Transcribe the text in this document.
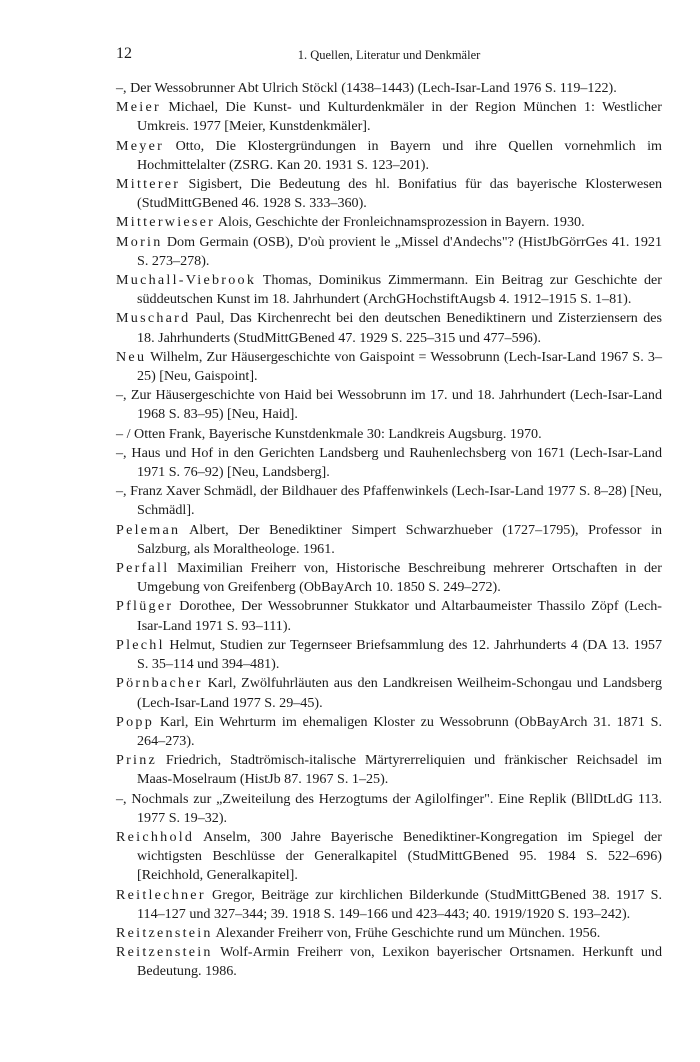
12	1. Quellen, Literatur und Denkmäler

–, Der Wessobrunner Abt Ulrich Stöckl (1438–1443) (Lech-Isar-Land 1976 S. 119–122).

Meier Michael, Die Kunst- und Kulturdenkmäler in der Region München 1: Westlicher Umkreis. 1977 [Meier, Kunstdenkmäler].

Meyer Otto, Die Klostergründungen in Bayern und ihre Quellen vornehmlich im Hochmittelalter (ZSRG. Kan 20. 1931 S. 123–201).

Mitterer Sigisbert, Die Bedeutung des hl. Bonifatius für das bayerische Klosterwesen (StudMittGBened 46. 1928 S. 333–360).

Mitterwieser Alois, Geschichte der Fronleichnamsprozession in Bayern. 1930.

Morin Dom Germain (OSB), D'où provient le „Missel d'Andechs"? (HistJbGörrGes 41. 1921 S. 273–278).

Muchall-Viebrook Thomas, Dominikus Zimmermann. Ein Beitrag zur Geschichte der süddeutschen Kunst im 18. Jahrhundert (ArchGHochstiftAugsb 4. 1912–1915 S. 1–81).

Muschard Paul, Das Kirchenrecht bei den deutschen Benediktinern und Zisterziensern des 18. Jahrhunderts (StudMittGBened 47. 1929 S. 225–315 und 477–596).

Neu Wilhelm, Zur Häusergeschichte von Gaispoint = Wessobrunn (Lech-Isar-Land 1967 S. 3–25) [Neu, Gaispoint].

–, Zur Häusergeschichte von Haid bei Wessobrunn im 17. und 18. Jahrhundert (Lech-Isar-Land 1968 S. 83–95) [Neu, Haid].

– / Otten Frank, Bayerische Kunstdenkmale 30: Landkreis Augsburg. 1970.

–, Haus und Hof in den Gerichten Landsberg und Rauhenlechsberg von 1671 (Lech-Isar-Land 1971 S. 76–92) [Neu, Landsberg].

–, Franz Xaver Schmädl, der Bildhauer des Pfaffenwinkels (Lech-Isar-Land 1977 S. 8–28) [Neu, Schmädl].

Peleman Albert, Der Benediktiner Simpert Schwarzhueber (1727–1795), Professor in Salzburg, als Moraltheologe. 1961.

Perfall Maximilian Freiherr von, Historische Beschreibung mehrerer Ortschaften in der Umgebung von Greifenberg (ObBayArch 10. 1850 S. 249–272).

Pflüger Dorothee, Der Wessobrunner Stukkator und Altarbaumeister Thassilo Zöpf (Lech-Isar-Land 1971 S. 93–111).

Plechl Helmut, Studien zur Tegernseer Briefsammlung des 12. Jahrhunderts 4 (DA 13. 1957 S. 35–114 und 394–481).

Pörnbacher Karl, Zwölfuhrläuten aus den Landkreisen Weilheim-Schongau und Landsberg (Lech-Isar-Land 1977 S. 29–45).

Popp Karl, Ein Wehrturm im ehemaligen Kloster zu Wessobrunn (ObBayArch 31. 1871 S. 264–273).

Prinz Friedrich, Stadtrömisch-italische Märtyrerreliquien und fränkischer Reichsadel im Maas-Moselraum (HistJb 87. 1967 S. 1–25).

–, Nochmals zur „Zweiteilung des Herzogtums der Agilolfinger". Eine Replik (BllDtLdG 113. 1977 S. 19–32).

Reichhold Anselm, 300 Jahre Bayerische Benediktiner-Kongregation im Spiegel der wichtigsten Beschlüsse der Generalkapitel (StudMittGBened 95. 1984 S. 522–696) [Reichhold, Generalkapitel].

Reitlechner Gregor, Beiträge zur kirchlichen Bilderkunde (StudMittGBened 38. 1917 S. 114–127 und 327–344; 39. 1918 S. 149–166 und 423–443; 40. 1919/1920 S. 193–242).

Reitzenstein Alexander Freiherr von, Frühe Geschichte rund um München. 1956.

Reitzenstein Wolf-Armin Freiherr von, Lexikon bayerischer Ortsnamen. Herkunft und Bedeutung. 1986.
